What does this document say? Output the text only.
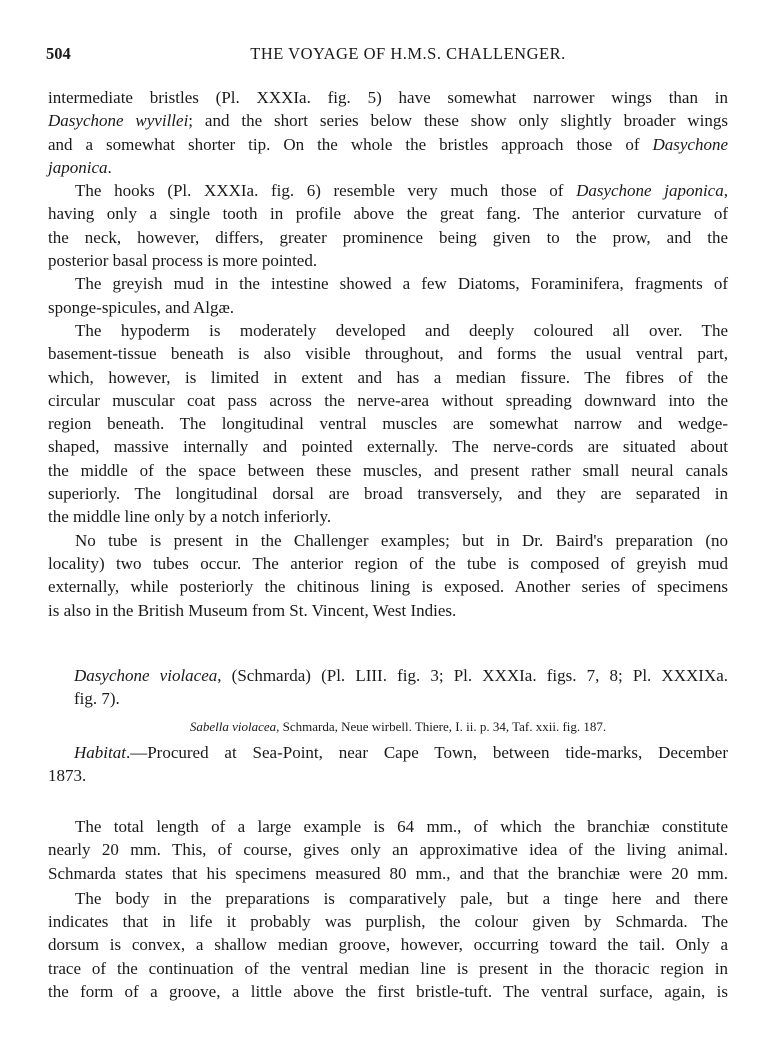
504	THE VOYAGE OF H.M.S. CHALLENGER.
intermediate bristles (Pl. XXXIa. fig. 5) have somewhat narrower wings than in
Dasychone wyvillei; and the short series below these show only slightly broader wings
and a somewhat shorter tip. On the whole the bristles approach those of Dasychone
japonica.
The hooks (Pl. XXXIa. fig. 6) resemble very much those of Dasychone japonica,
having only a single tooth in profile above the great fang. The anterior curvature of
the neck, however, differs, greater prominence being given to the prow, and the
posterior basal process is more pointed.
The greyish mud in the intestine showed a few Diatoms, Foraminifera, fragments of
sponge-spicules, and Algæ.
The hypoderm is moderately developed and deeply coloured all over. The
basement-tissue beneath is also visible throughout, and forms the usual ventral part,
which, however, is limited in extent and has a median fissure. The fibres of the
circular muscular coat pass across the nerve-area without spreading downward into the
region beneath. The longitudinal ventral muscles are somewhat narrow and wedge-
shaped, massive internally and pointed externally. The nerve-cords are situated about
the middle of the space between these muscles, and present rather small neural canals
superiorly. The longitudinal dorsal are broad transversely, and they are separated in
the middle line only by a notch inferiorly.
No tube is present in the Challenger examples; but in Dr. Baird's preparation (no
locality) two tubes occur. The anterior region of the tube is composed of greyish mud
externally, while posteriorly the chitinous lining is exposed. Another series of specimens
is also in the British Museum from St. Vincent, West Indies.
Dasychone violacea, (Schmarda) (Pl. LIII. fig. 3; Pl. XXXIa. figs. 7, 8; Pl. XXXIXa.
fig. 7).
Sabella violacea, Schmarda, Neue wirbell. Thiere, I. ii. p. 34, Taf. xxii. fig. 187.
Habitat.—Procured at Sea-Point, near Cape Town, between tide-marks, December
1873.
The total length of a large example is 64 mm., of which the branchiæ constitute
nearly 20 mm. This, of course, gives only an approximative idea of the living animal.
Schmarda states that his specimens measured 80 mm., and that the branchiæ were 20 mm.
The body in the preparations is comparatively pale, but a tinge here and there
indicates that in life it probably was purplish, the colour given by Schmarda. The
dorsum is convex, a shallow median groove, however, occurring toward the tail. Only a
trace of the continuation of the ventral median line is present in the thoracic region in
the form of a groove, a little above the first bristle-tuft. The ventral surface, again, is
